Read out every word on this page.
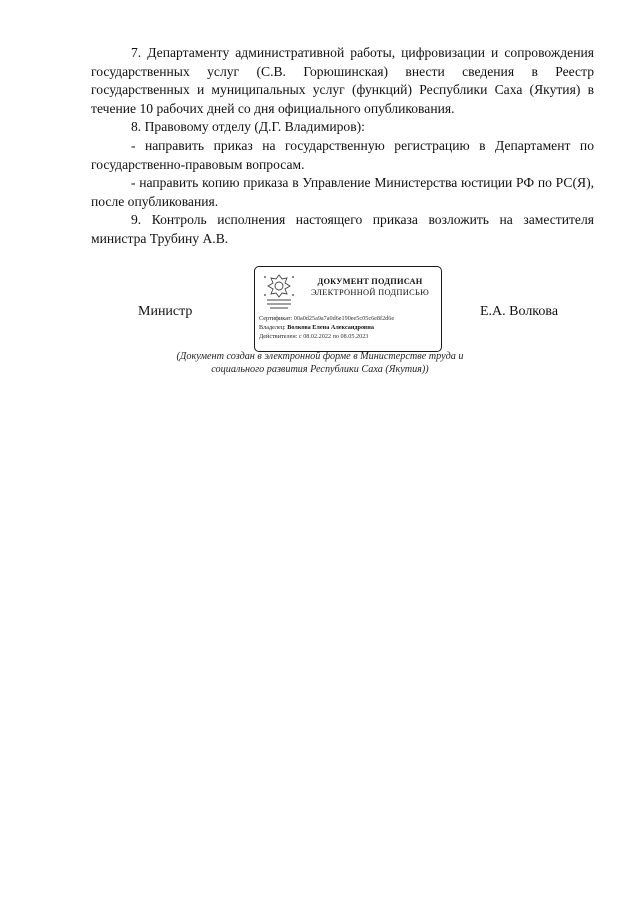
7. Департаменту административной работы, цифровизации и сопровождения государственных услуг (С.В. Горюшинская) внести сведения в Реестр государственных и муниципальных услуг (функций) Республики Саха (Якутия) в течение 10 рабочих дней со дня официального опубликования.

8. Правовому отделу (Д.Г. Владимиров):

- направить приказ на государственную регистрацию в Департамент по государственно-правовым вопросам.

- направить копию приказа в Управление Министерства юстиции РФ по РС(Я), после опубликования.

9. Контроль исполнения настоящего приказа возложить на заместителя министра Трубину А.В.

Министр
ДОКУМЕНТ ПОДПИСАН
ЭЛЕКТРОННОЙ ПОДПИСЬЮ
Сертификат: 00a0d25a9a7a0d6e190ee5c05c6e8f2d6e
Владелец: Волкова Елена Александровна
Действителен: с 08.02.2022 по 08.05.2023
Е.А. Волкова
(Документ создан в электронной форме в Министерстве труда и
социального развития Республики Саха (Якутия))
